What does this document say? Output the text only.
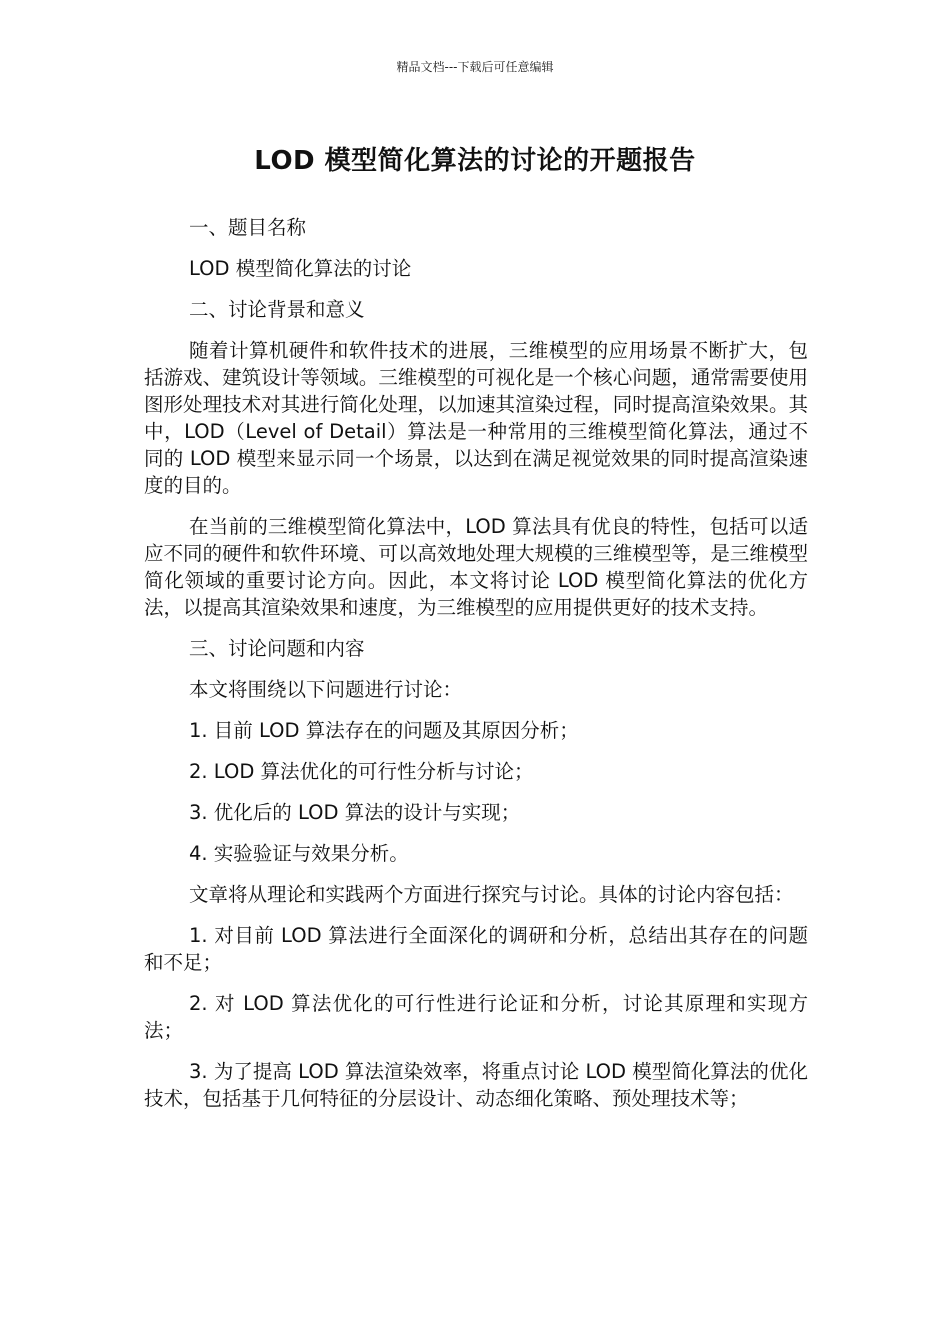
精品文档---下载后可任意编辑
LOD 模型简化算法的讨论的开题报告

一、题目名称

LOD 模型简化算法的讨论

二、讨论背景和意义

随着计算机硬件和软件技术的进展，三维模型的应用场景不断扩大，包括游戏、建筑设计等领域。三维模型的可视化是一个核心问题，通常需要使用图形处理技术对其进行简化处理，以加速其渲染过程，同时提高渲染效果。其中，LOD（Level of Detail）算法是一种常用的三维模型简化算法，通过不同的 LOD 模型来显示同一个场景，以达到在满足视觉效果的同时提高渲染速度的目的。

在当前的三维模型简化算法中，LOD 算法具有优良的特性，包括可以适应不同的硬件和软件环境、可以高效地处理大规模的三维模型等，是三维模型简化领域的重要讨论方向。因此，本文将讨论 LOD 模型简化算法的优化方法，以提高其渲染效果和速度，为三维模型的应用提供更好的技术支持。

三、讨论问题和内容

本文将围绕以下问题进行讨论：

1. 目前 LOD 算法存在的问题及其原因分析；

2. LOD 算法优化的可行性分析与讨论；

3. 优化后的 LOD 算法的设计与实现；

4. 实验验证与效果分析。

文章将从理论和实践两个方面进行探究与讨论。具体的讨论内容包括：

1. 对目前 LOD 算法进行全面深化的调研和分析，总结出其存在的问题和不足；

2. 对 LOD 算法优化的可行性进行论证和分析，讨论其原理和实现方法；

3. 为了提高 LOD 算法渲染效率，将重点讨论 LOD 模型简化算法的优化技术，包括基于几何特征的分层设计、动态细化策略、预处理技术等；
